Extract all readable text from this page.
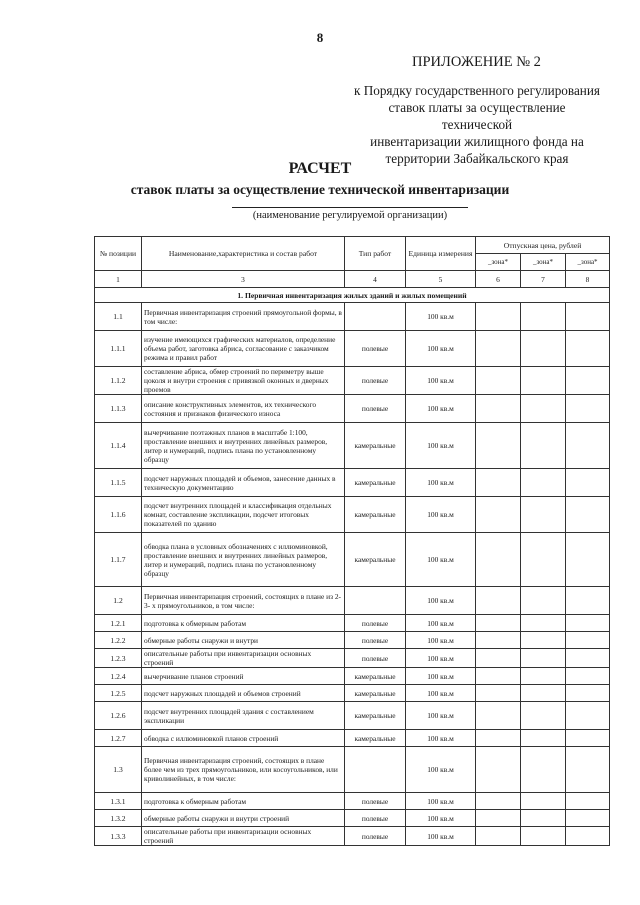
8
ПРИЛОЖЕНИЕ № 2
к Порядку государственного регулирования
ставок платы за осуществление технической
инвентаризации жилищного фонда на
территории Забайкальского края
РАСЧЕТ
ставок платы за осуществление технической инвентаризации
(наименование регулируемой организации)
№ позиции	Наименование,характеристика и состав работ	Тип работ	Единица измерения	Отпускная цена, рублей		
				_зона*	_зона*	_зона*
1	3	4	5	6	7	8
1. Первичная инвентаризация жилых зданий и жилых помещений						
1.1	Первичная инвентаризация строений прямоугольной формы, в том числе:		100 кв.м			
1.1.1	изучение имеющихся графических материалов, определение объема работ, заготовка абриса, согласование с заказчиком режима и правил работ	полевые	100 кв.м			
1.1.2	составление абриса, обмер строений по периметру выше цоколя и внутри строения с привязкой оконных и дверных проемов	полевые	100 кв.м			
1.1.3	описание конструктивных элементов, их технического состояния и признаков физического износа	полевые	100 кв.м			
1.1.4	вычерчивание поэтажных планов в масштабе 1:100, проставление внешних и внутренних линейных размеров, литер и нумераций, подпись плана по установленному образцу	камеральные	100 кв.м			
1.1.5	подсчет наружных площадей и объемов, занесение данных в техническую документацию	камеральные	100 кв.м			
1.1.6	подсчет внутренних площадей и классификация отдельных комнат, составление экспликации, подсчет итоговых показателей по зданию	камеральные	100 кв.м			
1.1.7	обводка плана в условных обозначениях с иллюминовкой, проставление внешних и внутренних линейных размеров, литер и нумераций, подпись плана по установленному образцу	камеральные	100 кв.м			
1.2	Первичная инвентаризация строений, состоящих в плане из 2-3- х прямоугольников, в том числе:		100 кв.м			
1.2.1	подготовка к обмерным работам	полевые	100 кв.м			
1.2.2	обмерные работы снаружи и внутри	полевые	100 кв.м			
1.2.3	описательные работы при инвентаризации основных строений	полевые	100 кв.м			
1.2.4	вычерчивание планов строений	камеральные	100 кв.м			
1.2.5	подсчет наружных площадей и объемов строений	камеральные	100 кв.м			
1.2.6	подсчет внутренних площадей здания с составлением экспликации	камеральные	100 кв.м			
1.2.7	обводка с иллюминовкой планов строений	камеральные	100 кв.м			
1.3	Первичная инвентаризация строений, состоящих в плане более чем из трех прямоугольников, или косоугольников, или криволинейных, в том числе:		100 кв.м			
1.3.1	подготовка к обмерным работам	полевые	100 кв.м			
1.3.2	обмерные работы снаружи и внутри строений	полевые	100 кв.м			
1.3.3	описательные работы при инвентаризации основных строений	полевые	100 кв.м			
